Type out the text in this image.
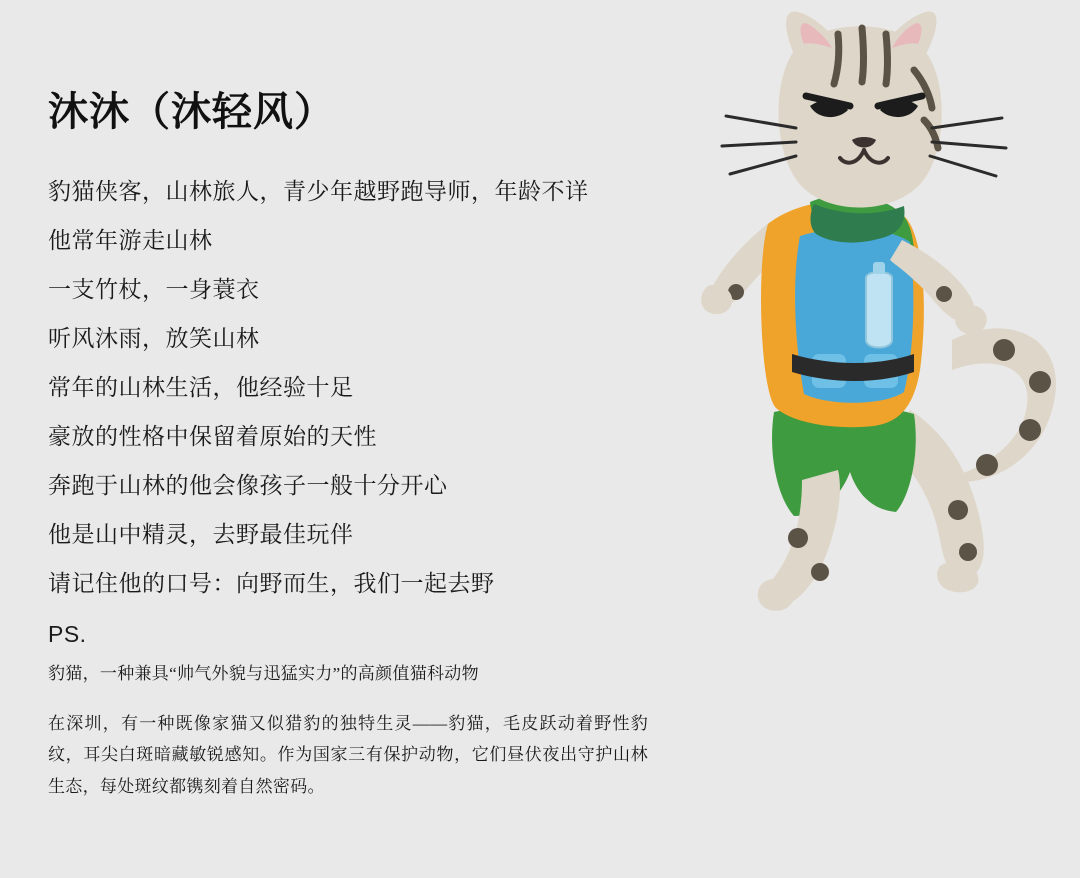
沐沐（沐轻风）
豹猫侠客，山林旅人，青少年越野跑导师，年龄不详
他常年游走山林
一支竹杖，一身蓑衣
听风沐雨，放笑山林
常年的山林生活，他经验十足
豪放的性格中保留着原始的天性
奔跑于山林的他会像孩子一般十分开心
他是山中精灵，去野最佳玩伴
请记住他的口号：向野而生，我们一起去野

PS.

豹猫，一种兼具“帅气外貌与迅猛实力”的高颜值猫科动物

在深圳，有一种既像家猫又似猎豹的独特生灵——豹猫，毛皮跃动着野性豹纹，耳尖白斑暗藏敏锐感知。作为国家三有保护动物，它们昼伏夜出守护山林生态，每处斑纹都镌刻着自然密码。
